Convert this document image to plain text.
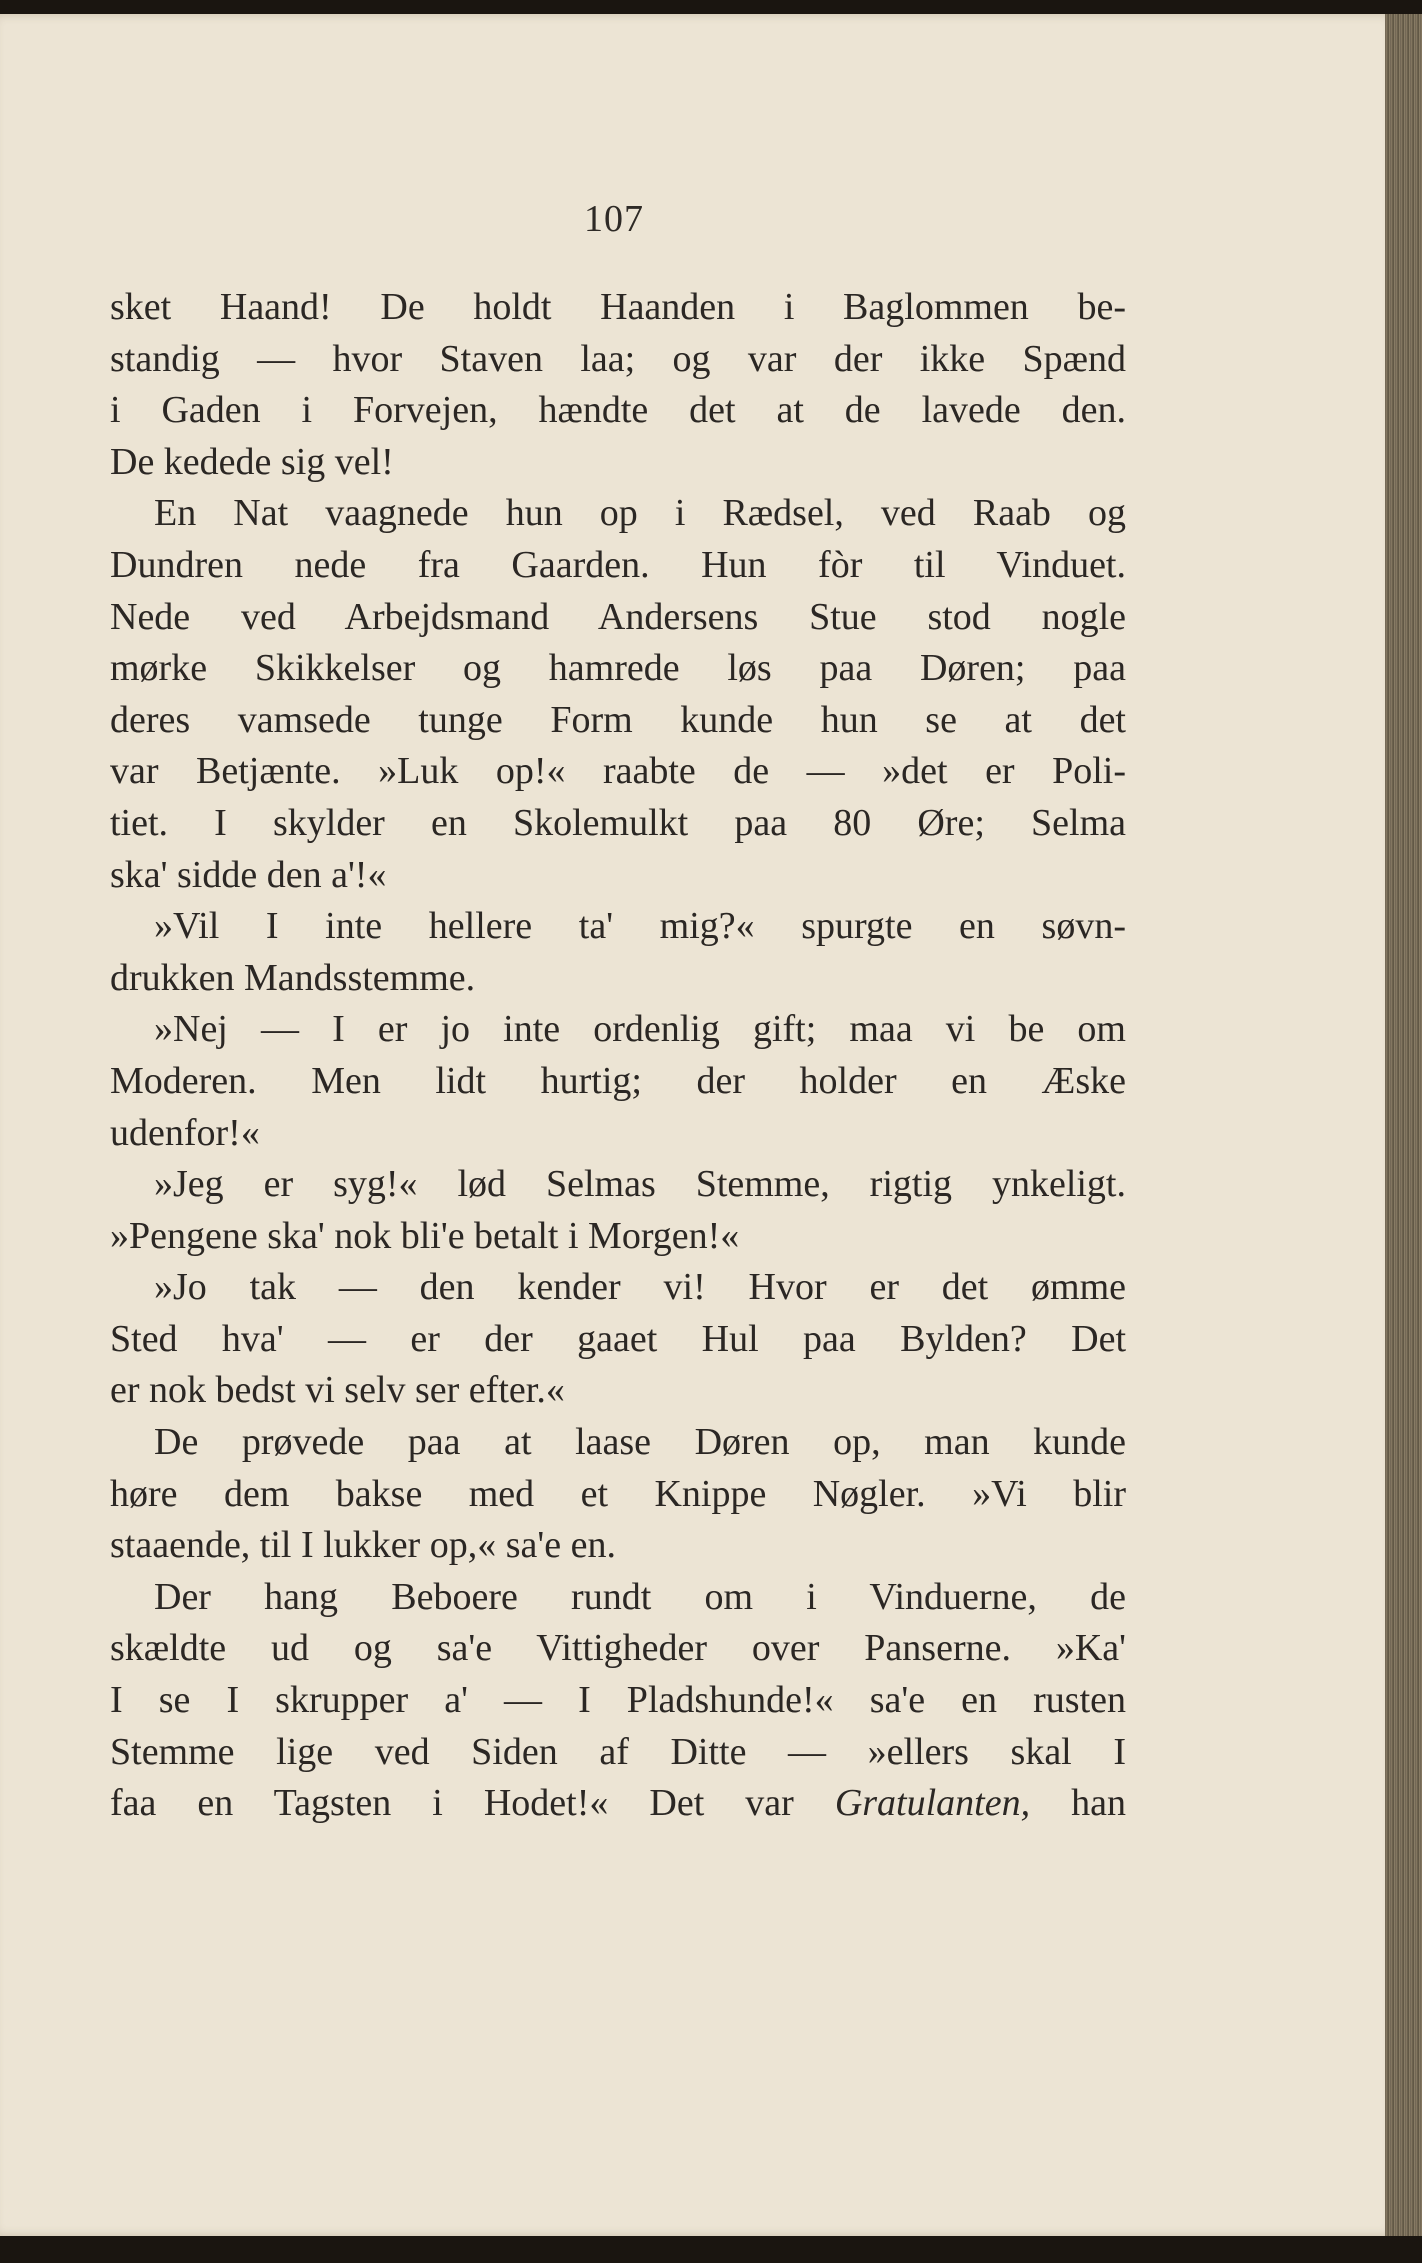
107
sket Haand! De holdt Haanden i Baglommen be-
standig — hvor Staven laa; og var der ikke Spænd
i Gaden i Forvejen, hændte det at de lavede den.
De kedede sig vel!
En Nat vaagnede hun op i Rædsel, ved Raab og
Dundren nede fra Gaarden. Hun fòr til Vinduet.
Nede ved Arbejdsmand Andersens Stue stod nogle
mørke Skikkelser og hamrede løs paa Døren; paa
deres vamsede tunge Form kunde hun se at det
var Betjænte. »Luk op!« raabte de — »det er Poli-
tiet. I skylder en Skolemulkt paa 80 Øre; Selma
ska' sidde den a'!«
»Vil I inte hellere ta' mig?« spurgte en søvn-
drukken Mandsstemme.
»Nej — I er jo inte ordenlig gift; maa vi be om
Moderen. Men lidt hurtig; der holder en Æske
udenfor!«
»Jeg er syg!« lød Selmas Stemme, rigtig ynkeligt.
»Pengene ska' nok bli'e betalt i Morgen!«
»Jo tak — den kender vi! Hvor er det ømme
Sted hva' — er der gaaet Hul paa Bylden? Det
er nok bedst vi selv ser efter.«
De prøvede paa at laase Døren op, man kunde
høre dem bakse med et Knippe Nøgler. »Vi blir
staaende, til I lukker op,« sa'e en.
Der hang Beboere rundt om i Vinduerne, de
skældte ud og sa'e Vittigheder over Panserne. »Ka'
I se I skrupper a' — I Pladshunde!« sa'e en rusten
Stemme lige ved Siden af Ditte — »ellers skal I
faa en Tagsten i Hodet!« Det var Gratulanten, han
